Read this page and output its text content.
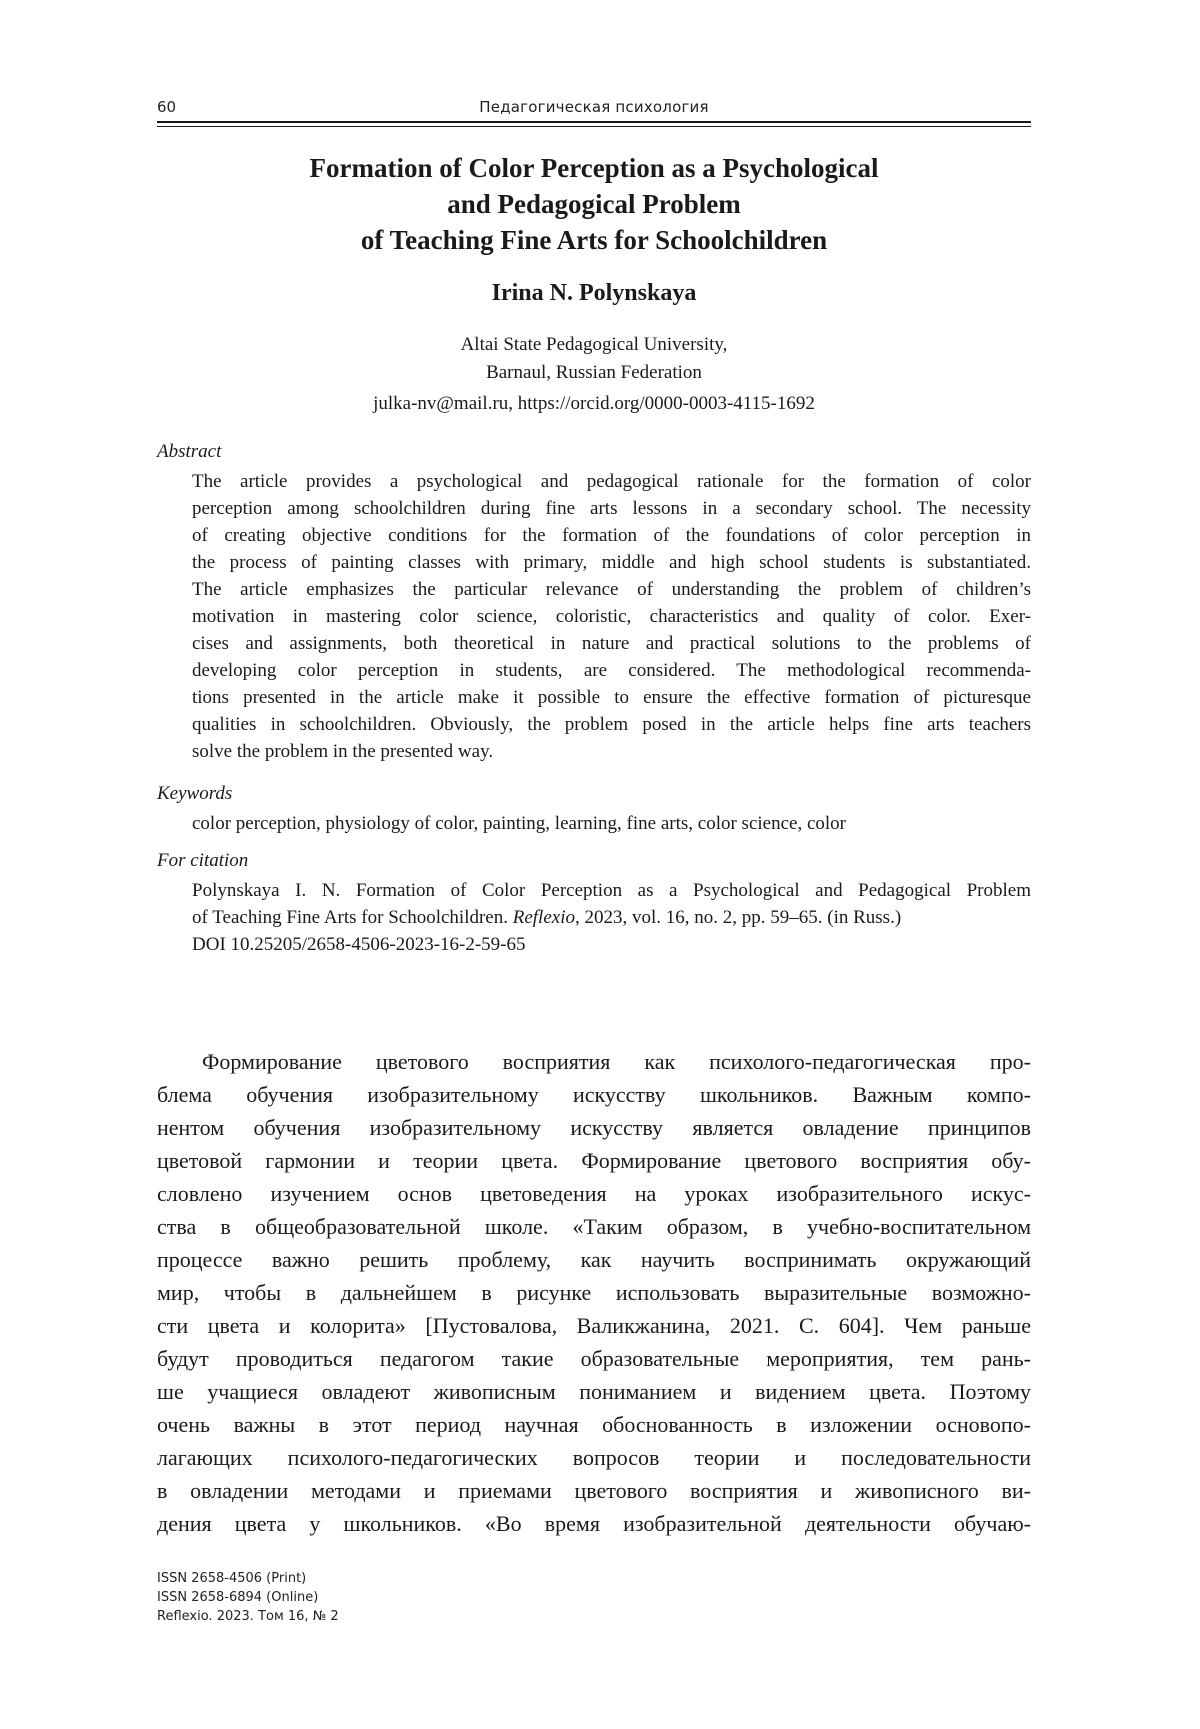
60	Педагогическая психология
Formation of Color Perception as a Psychological
and Pedagogical Problem
of Teaching Fine Arts for Schoolchildren
Irina N. Polynskaya
Altai State Pedagogical University,
Barnaul, Russian Federation
julka-nv@mail.ru, https://orcid.org/0000-0003-4115-1692
Abstract
The article provides a psychological and pedagogical rationale for the formation of color
perception among schoolchildren during fine arts lessons in a secondary school. The necessity
of creating objective conditions for the formation of the foundations of color perception in
the process of painting classes with primary, middle and high school students is substantiated.
The article emphasizes the particular relevance of understanding the problem of children’s
motivation in mastering color science, coloristic, characteristics and quality of color. Exer-
cises and assignments, both theoretical in nature and practical solutions to the problems of
developing color perception in students, are considered. The methodological recommenda-
tions presented in the article make it possible to ensure the effective formation of picturesque
qualities in schoolchildren. Obviously, the problem posed in the article helps fine arts teachers
solve the problem in the presented way.
Keywords
color perception, physiology of color, painting, learning, fine arts, color science, color
For citation
Polynskaya I. N. Formation of Color Perception as a Psychological and Pedagogical Problem
of Teaching Fine Arts for Schoolchildren. Reflexio, 2023, vol. 16, no. 2, pp. 59–65. (in Russ.)
DOI 10.25205/2658-4506-2023-16-2-59-65
Формирование цветового восприятия как психолого-педагогическая про-
блема обучения изобразительному искусству школьников. Важным компо-
нентом обучения изобразительному искусству является овладение принципов
цветовой гармонии и теории цвета. Формирование цветового восприятия обу-
словлено изучением основ цветоведения на уроках изобразительного искус-
ства в общеобразовательной школе. «Таким образом, в учебно-воспитательном
процессе важно решить проблему, как научить воспринимать окружающий
мир, чтобы в дальнейшем в рисунке использовать выразительные возможно-
сти цвета и колорита» [Пустовалова, Валикжанина, 2021. С. 604]. Чем раньше
будут проводиться педагогом такие образовательные мероприятия, тем рань-
ше учащиеся овладеют живописным пониманием и видением цвета. Поэтому
очень важны в этот период научная обоснованность в изложении основопо-
лагающих психолого-педагогических вопросов теории и последовательности
в овладении методами и приемами цветового восприятия и живописного ви-
дения цвета у школьников. «Во время изобразительной деятельности обучаю-
ISSN 2658-4506 (Print)
ISSN 2658-6894 (Online)
Reflexio. 2023. Том 16, № 2
